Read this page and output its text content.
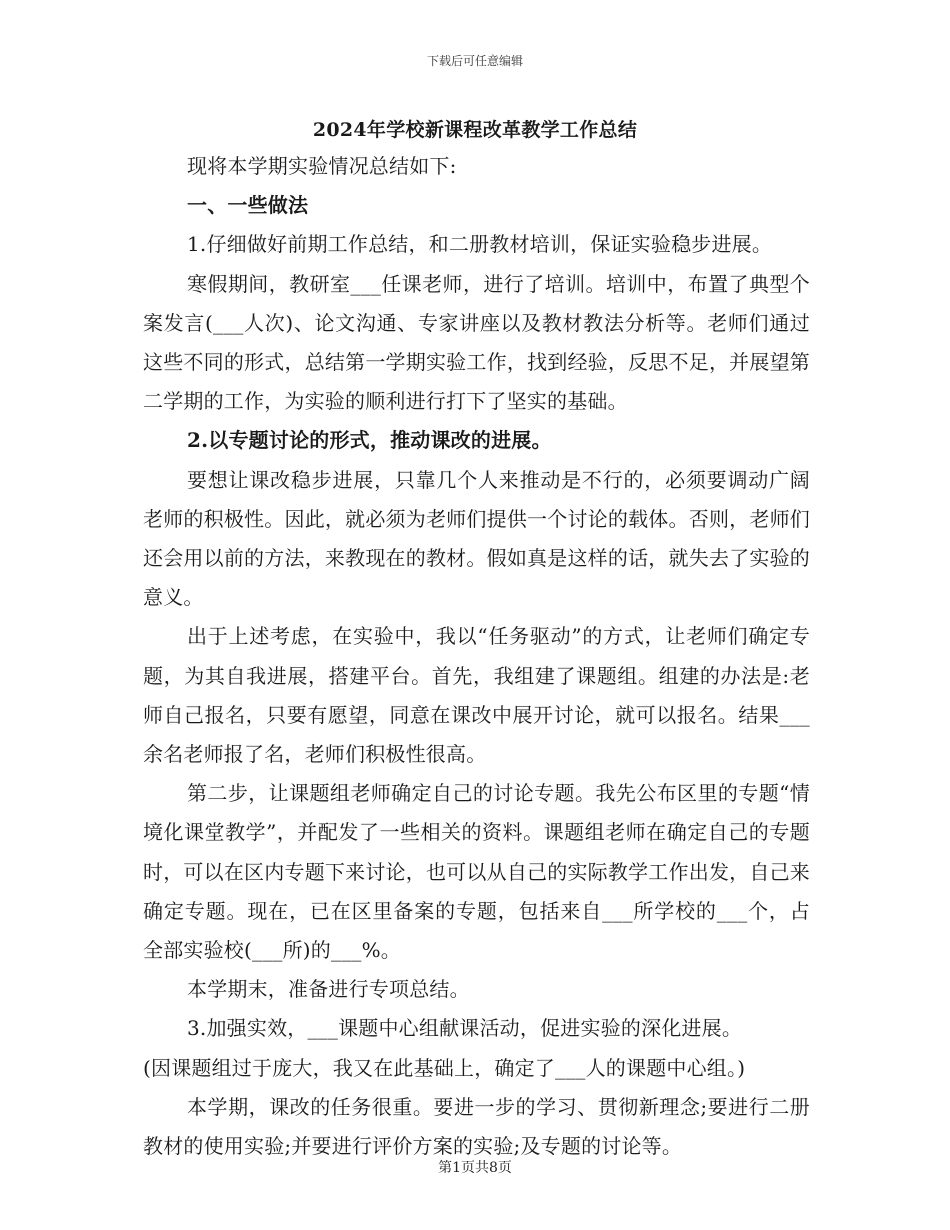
下载后可任意编辑
2024年学校新课程改革教学工作总结

现将本学期实验情况总结如下:

一、一些做法

1.仔细做好前期工作总结，和二册教材培训，保证实验稳步进展。

寒假期间，教研室___任课老师，进行了培训。培训中，布置了典型个案发言(___人次)、论文沟通、专家讲座以及教材教法分析等。老师们通过这些不同的形式，总结第一学期实验工作，找到经验，反思不足，并展望第二学期的工作，为实验的顺利进行打下了坚实的基础。

2.以专题讨论的形式，推动课改的进展。

要想让课改稳步进展，只靠几个人来推动是不行的，必须要调动广阔老师的积极性。因此，就必须为老师们提供一个讨论的载体。否则，老师们还会用以前的方法，来教现在的教材。假如真是这样的话，就失去了实验的意义。

出于上述考虑，在实验中，我以“任务驱动”的方式，让老师们确定专题，为其自我进展，搭建平台。首先，我组建了课题组。组建的办法是:老师自己报名，只要有愿望，同意在课改中展开讨论，就可以报名。结果___余名老师报了名，老师们积极性很高。

第二步，让课题组老师确定自己的讨论专题。我先公布区里的专题“情境化课堂教学”，并配发了一些相关的资料。课题组老师在确定自己的专题时，可以在区内专题下来讨论，也可以从自己的实际教学工作出发，自己来确定专题。现在，已在区里备案的专题，包括来自___所学校的___个，占全部实验校(___所)的___%。

本学期末，准备进行专项总结。

3.加强实效，___课题中心组献课活动，促进实验的深化进展。

(因课题组过于庞大，我又在此基础上，确定了___人的课题中心组。)

本学期，课改的任务很重。要进一步的学习、贯彻新理念;要进行二册教材的使用实验;并要进行评价方案的实验;及专题的讨论等。

第1页共8页
